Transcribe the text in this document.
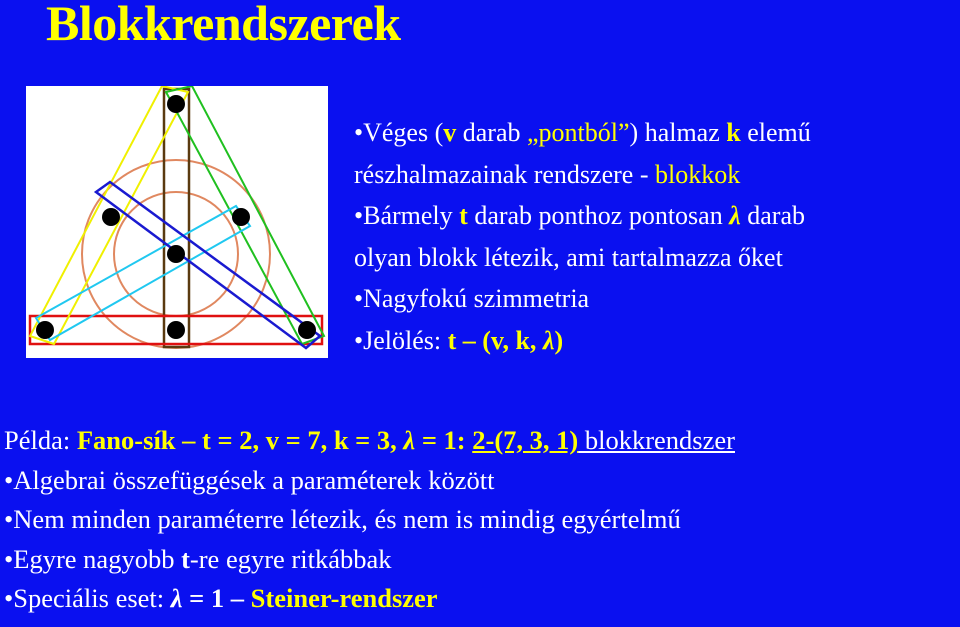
Blokkrendszerek
•Véges (v darab „pontból”) halmaz k elemű
részhalmazainak rendszere - blokkok
•Bármely t darab ponthoz pontosan λ darab
olyan blokk létezik, ami tartalmazza őket
•Nagyfokú szimmetria
•Jelölés: t – (v, k, λ)
Példa: Fano-sík – t = 2, v = 7, k = 3, λ = 1: 2-(7, 3, 1) blokkrendszer
•Algebrai összefüggések a paraméterek között
•Nem minden paraméterre létezik, és nem is mindig egyértelmű
•Egyre nagyobb t-re egyre ritkábbak
•Speciális eset: λ = 1 – Steiner-rendszer
